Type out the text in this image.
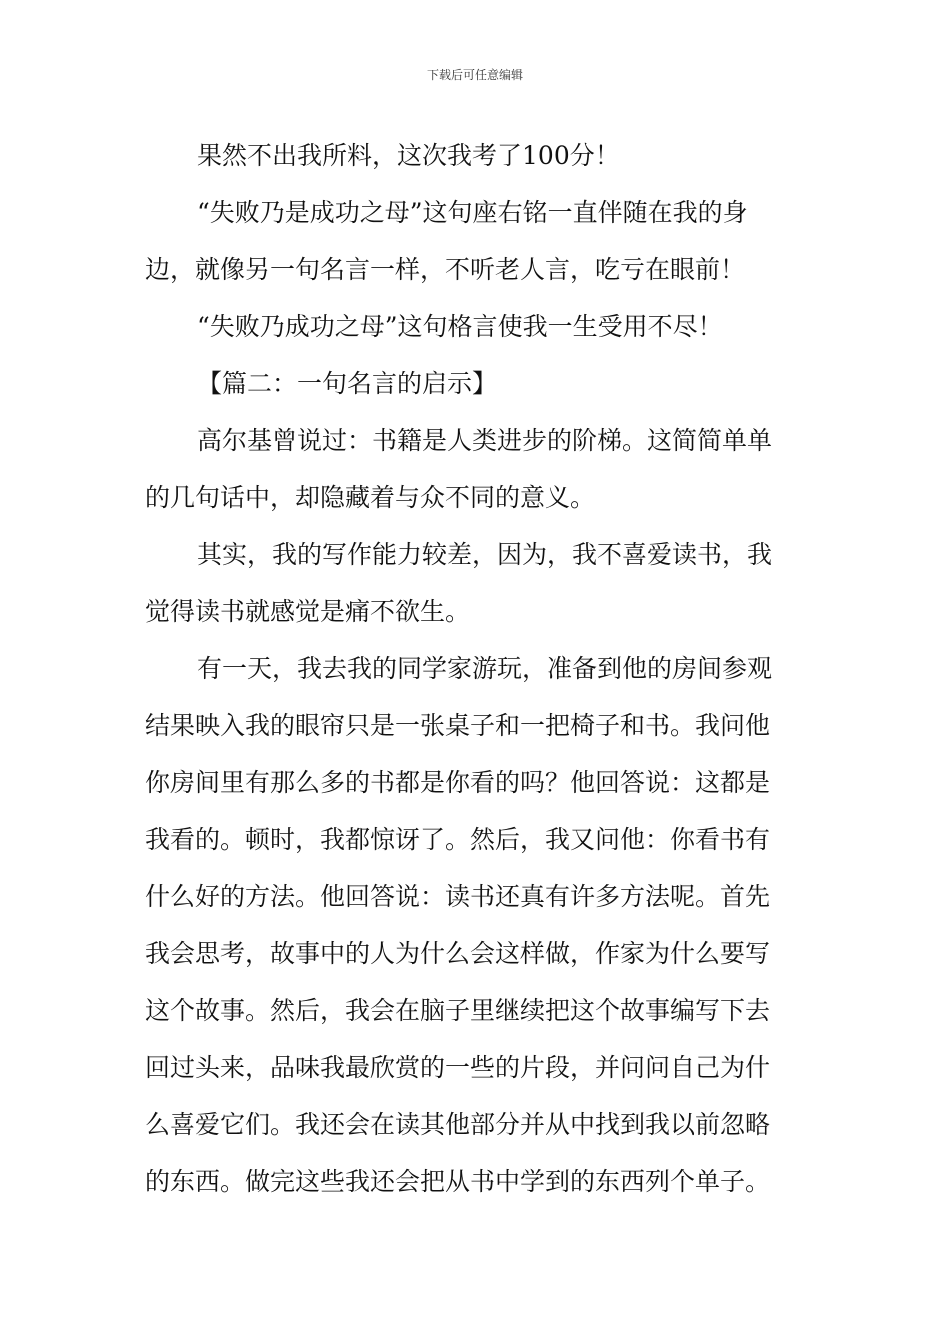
下载后可任意编辑
果然不出我所料，这次我考了100分！
“失败乃是成功之母”这句座右铭一直伴随在我的身
边，就像另一句名言一样，不听老人言，吃亏在眼前！
“失败乃成功之母”这句格言使我一生受用不尽！
【篇二：一句名言的启示】
高尔基曾说过：书籍是人类进步的阶梯。这简简单单
的几句话中，却隐藏着与众不同的意义。
其实，我的写作能力较差，因为，我不喜爱读书，我
觉得读书就感觉是痛不欲生。
有一天，我去我的同学家游玩，准备到他的房间参观
结果映入我的眼帘只是一张桌子和一把椅子和书。我问他
你房间里有那么多的书都是你看的吗？他回答说：这都是
我看的。顿时，我都惊讶了。然后，我又问他：你看书有
什么好的方法。他回答说：读书还真有许多方法呢。首先
我会思考，故事中的人为什么会这样做，作家为什么要写
这个故事。然后，我会在脑子里继续把这个故事编写下去
回过头来，品味我最欣赏的一些的片段，并问问自己为什
么喜爱它们。我还会在读其他部分并从中找到我以前忽略
的东西。做完这些我还会把从书中学到的东西列个单子。
